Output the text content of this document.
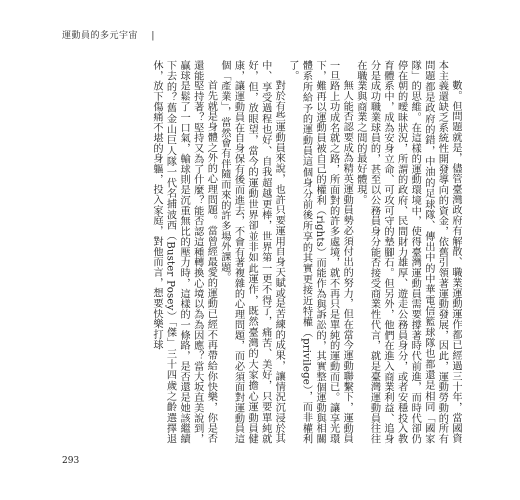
運動員的多元宇宙 |

數。但問題就是，儘管臺灣政府有解散、職業運動運作都已經過三十年，當國資本主義還缺乏系統性開發導向的資金，依舊引領著運動發展，因此，運動勞動的所有問題都是政府的錯，中油的足球隊、傳出中的中華電信籃球隊也都還是相同「國家隊」的思維。在這樣的運動環境中，使得臺灣運動員需要撐著時代前進，而時代卻仍停在朝的曖昧狀況，所謂的政府、民間財力雄厚、遊走公務員身分，或者安穩投入教育體系中，成為安身立命、可攻可守的墊腳石。但另外，他們在進入商業利益、追身分是成功職業球員的，甚至以公務員身分能否接受商業性代言，就是臺灣運動員往往在職業與商業之間的最好體現。

無人能否認要成為精英運動員勢必須付出的努力，但在當今運動聯繫下，運動員一旦路上功成名就之路，所面對的許多處境，就不再只是單純的運動而已。讓享光環下，難再以運動員被自己的權利（rights）而能作為與訴訟的，其實整個運動與相關體系所給予的運動員這個身分前後所享的其實更接近特權（privilege），而非權利了。

對於有些運動員來說，也許只要運用自身天賦或是苦練的成果，讓情況沉浸於其中、享受過程也好、自我超越更棒，世界第一更不得了，痛苦、美好，只要單純就好，但，放眼望，當今的運動世界卻並非如此運作，既然臺灣的大家擔心運動員健康，讓運動員在自身保有後而進去，不會有著複雜的心理問題，而必須面對運動員這個「產業」，當然會有伴隨而來的許多場外課題。

首先就是身體之外的心理問題。當曾經最愛的運動已經不再帶給你快樂，你是否還能堅持著？堅持又為了什麼？能否認這種轉換心境以為為因應？當大坂直美說到，贏球是鬆了一口氣，輸球則是沉重無比的壓力時，這樣的一條路，是否還是她該繼續下去的？舊金山巨人隊一代名捕波西（Buster Posey）「傑」三十四歲之齡選擇退休，放下傷痛不堪的身軀，投入家庭，對他而言，想要快樂打球

293
